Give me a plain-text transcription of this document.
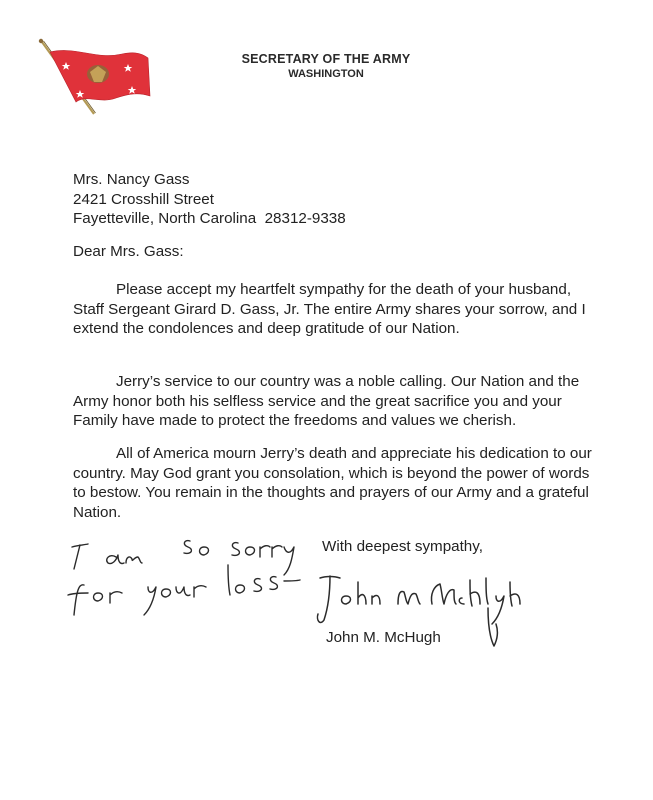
SECRETARY OF THE ARMY
WASHINGTON
Mrs. Nancy Gass
2421 Crosshill Street
Fayetteville, North Carolina  28312-9338
Dear Mrs. Gass:

Please accept my heartfelt sympathy for the death of your husband, Staff Sergeant Girard D. Gass, Jr. The entire Army shares your sorrow, and I extend the condolences and deep gratitude of our Nation.

Jerry’s service to our country was a noble calling. Our Nation and the Army honor both his selfless service and the great sacrifice you and your Family have made to protect the freedoms and values we cherish.

All of America mourn Jerry’s death and appreciate his dedication to our country. May God grant you consolation, which is beyond the power of words to bestow. You remain in the thoughts and prayers of our Army and a grateful Nation.

With deepest sympathy,
John M. McHugh
